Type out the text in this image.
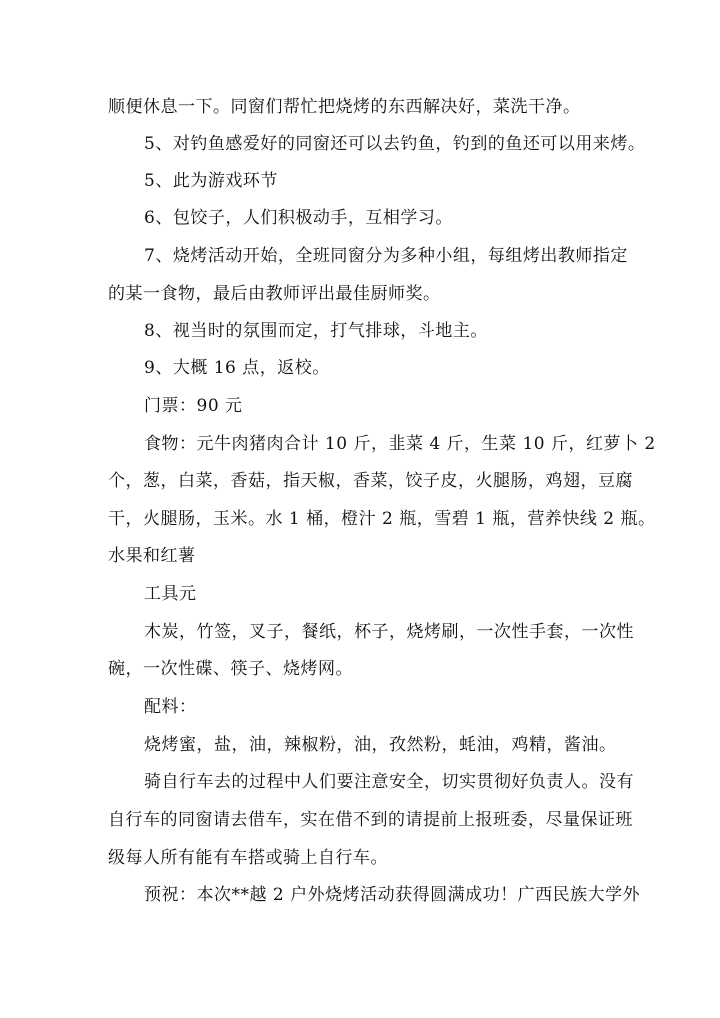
顺便休息一下。同窗们帮忙把烧烤的东西解决好，菜洗干净。
5、对钓鱼感爱好的同窗还可以去钓鱼，钓到的鱼还可以用来烤。
5、此为游戏环节
6、包饺子，人们积极动手，互相学习。
7、烧烤活动开始，全班同窗分为多种小组，每组烤出教师指定
的某一食物，最后由教师评出最佳厨师奖。
8、视当时的氛围而定，打气排球，斗地主。
9、大概 16 点，返校。
门票：90 元
食物：元牛肉猪肉合计 10 斤，韭菜 4 斤，生菜 10 斤，红萝卜 2
个，葱，白菜，香菇，指天椒，香菜，饺子皮，火腿肠，鸡翅，豆腐
干，火腿肠，玉米。水 1 桶，橙汁 2 瓶，雪碧 1 瓶，营养快线 2 瓶。
水果和红薯
工具元
木炭，竹签，叉子，餐纸，杯子，烧烤刷，一次性手套，一次性
碗，一次性碟、筷子、烧烤网。
配料：
烧烤蜜，盐，油，辣椒粉，油，孜然粉，蚝油，鸡精，酱油。
骑自行车去的过程中人们要注意安全，切实贯彻好负责人。没有
自行车的同窗请去借车，实在借不到的请提前上报班委，尽量保证班
级每人所有能有车搭或骑上自行车。
预祝：本次**越 2 户外烧烤活动获得圆满成功！广西民族大学外
